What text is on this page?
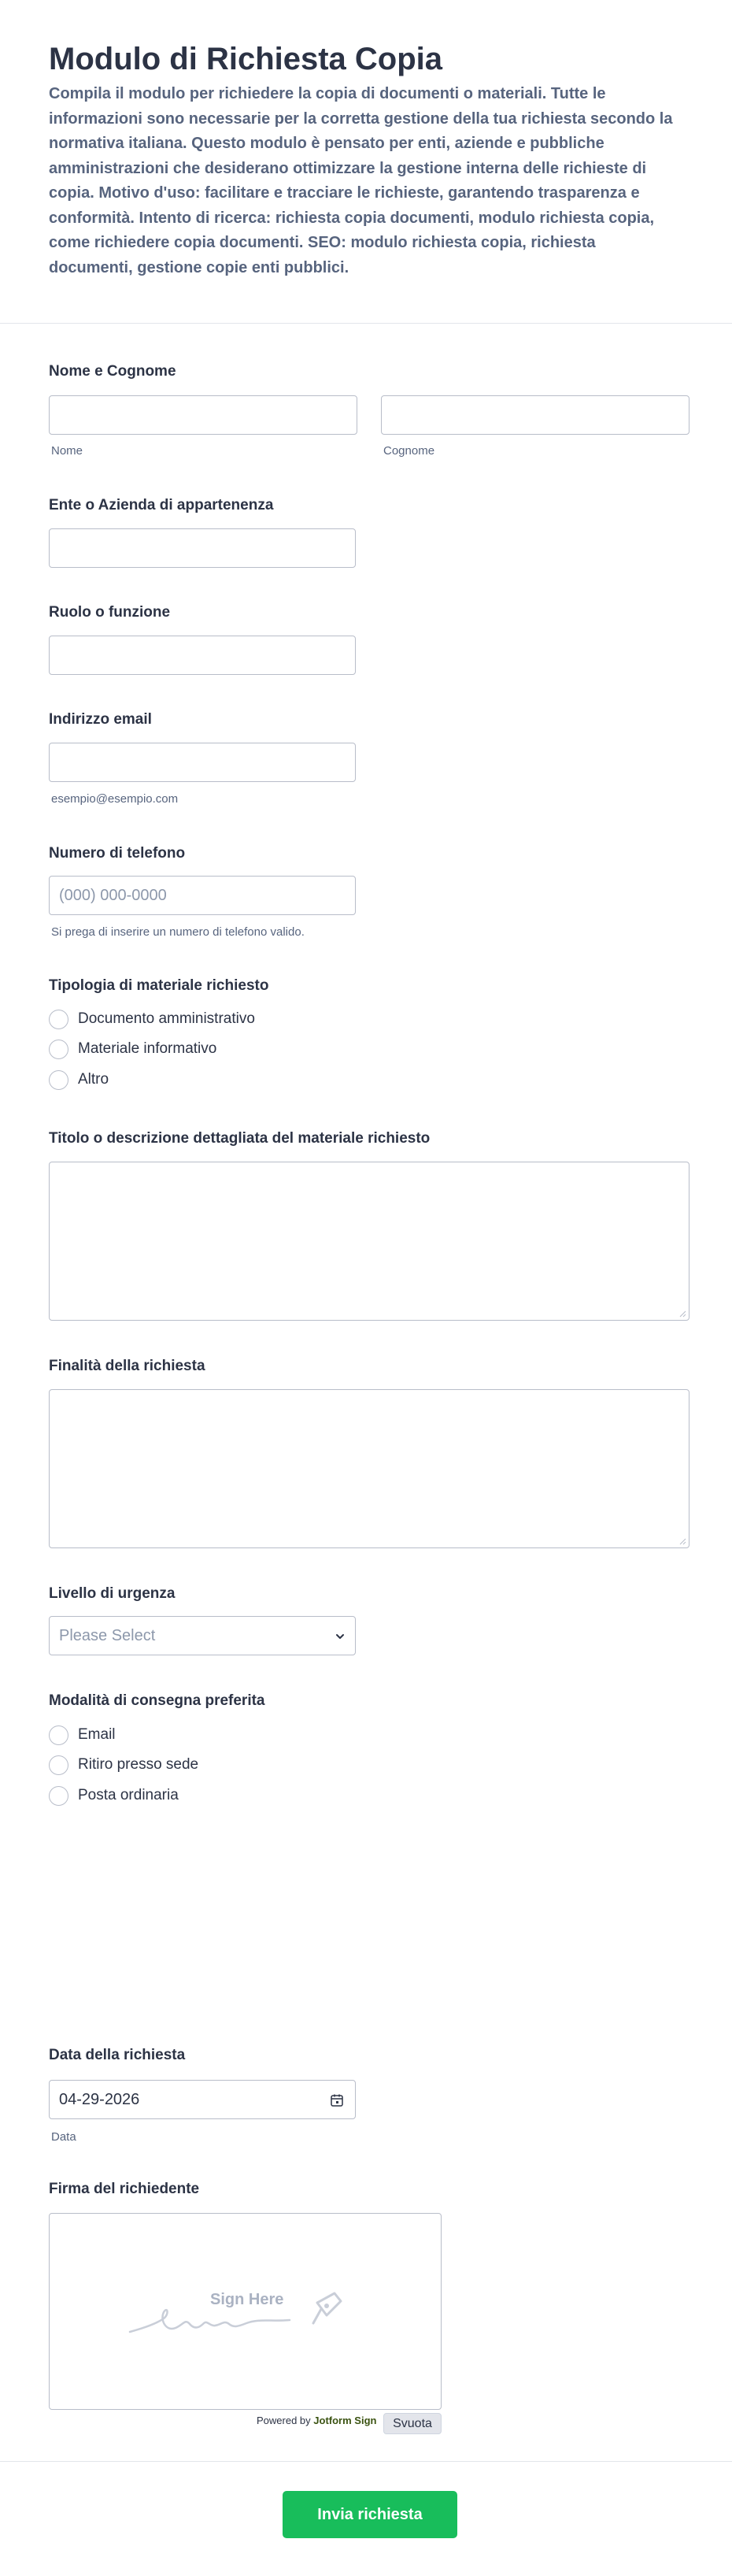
Modulo di Richiesta Copia
Compila il modulo per richiedere la copia di documenti o materiali. Tutte le informazioni sono necessarie per la corretta gestione della tua richiesta secondo la normativa italiana. Questo modulo è pensato per enti, aziende e pubbliche amministrazioni che desiderano ottimizzare la gestione interna delle richieste di copia. Motivo d'uso: facilitare e tracciare le richieste, garantendo trasparenza e conformità. Intento di ricerca: richiesta copia documenti, modulo richiesta copia, come richiedere copia documenti. SEO: modulo richiesta copia, richiesta documenti, gestione copie enti pubblici.
Nome e Cognome
Nome	Cognome
Ente o Azienda di appartenenza
Ruolo o funzione
Indirizzo email
esempio@esempio.com
Numero di telefono
(000) 000-0000
Si prega di inserire un numero di telefono valido.
Tipologia di materiale richiesto
Documento amministrativo
Materiale informativo
Altro
Titolo o descrizione dettagliata del materiale richiesto
Finalità della richiesta
Livello di urgenza
Please Select
Modalità di consegna preferita
Email
Ritiro presso sede
Posta ordinaria
Data della richiesta
04-29-2026
Data
Firma del richiedente
Sign Here
Powered by Jotform Sign	Svuota
Invia richiesta
